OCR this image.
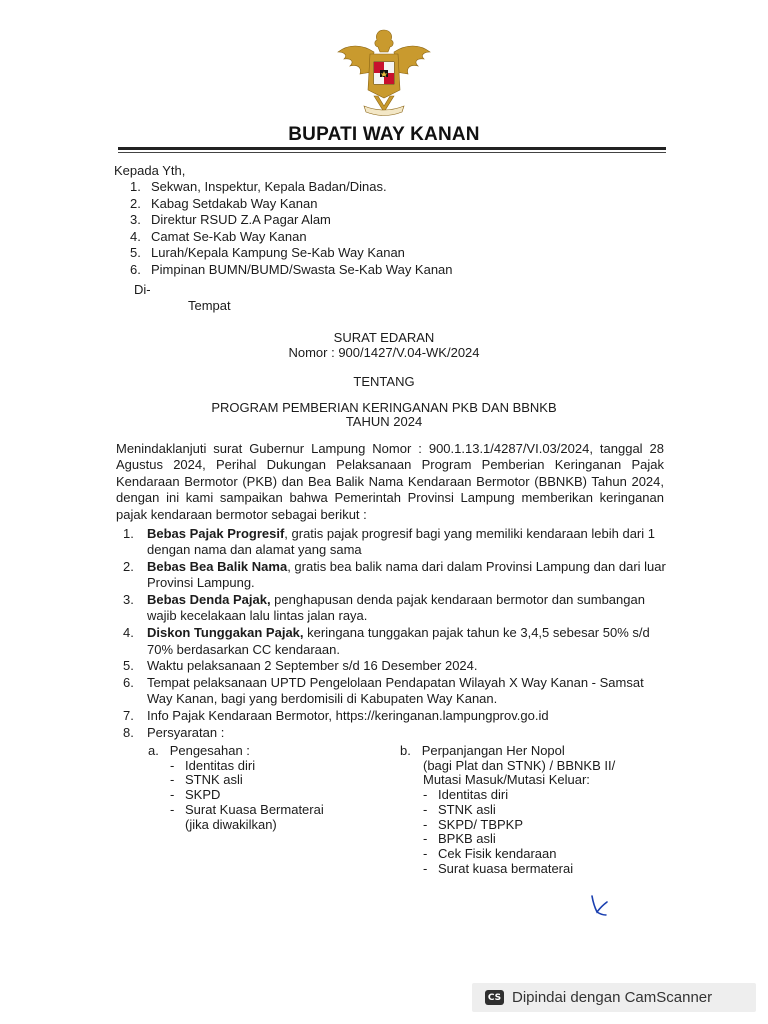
BUPATI WAY KANAN
Kepada Yth,
1. Sekwan, Inspektur, Kepala Badan/Dinas.
2. Kabag Setdakab Way Kanan
3. Direktur RSUD Z.A Pagar Alam
4. Camat Se-Kab Way Kanan
5. Lurah/Kepala Kampung Se-Kab Way Kanan
6. Pimpinan BUMN/BUMD/Swasta Se-Kab Way Kanan
Di-
Tempat
SURAT EDARAN
Nomor : 900/1427/V.04-WK/2024
TENTANG
PROGRAM PEMBERIAN KERINGANAN PKB DAN BBNKB
TAHUN 2024
Menindaklanjuti surat Gubernur Lampung Nomor : 900.1.13.1/4287/VI.03/2024, tanggal 28 Agustus 2024, Perihal Dukungan Pelaksanaan Program Pemberian Keringanan Pajak Kendaraan Bermotor (PKB) dan Bea Balik Nama Kendaraan Bermotor (BBNKB) Tahun 2024, dengan ini kami sampaikan bahwa Pemerintah Provinsi Lampung memberikan keringanan pajak kendaraan bermotor sebagai berikut :
1. Bebas Pajak Progresif, gratis pajak progresif bagi yang memiliki kendaraan lebih dari 1 dengan nama dan alamat yang sama
2. Bebas Bea Balik Nama, gratis bea balik nama dari dalam Provinsi Lampung dan dari luar Provinsi Lampung.
3. Bebas Denda Pajak, penghapusan denda pajak kendaraan bermotor dan sumbangan wajib kecelakaan lalu lintas jalan raya.
4. Diskon Tunggakan Pajak, keringana tunggakan pajak tahun ke 3,4,5 sebesar 50% s/d 70% berdasarkan CC kendaraan.
5. Waktu pelaksanaan 2 September s/d 16 Desember 2024.
6. Tempat pelaksanaan UPTD Pengelolaan Pendapatan Wilayah X Way Kanan - Samsat Way Kanan, bagi yang berdomisili di Kabupaten Way Kanan.
7. Info Pajak Kendaraan Bermotor, https://keringanan.lampungprov.go.id
8. Persyaratan :
a. Pengesahan :
- Identitas diri
- STNK asli
- SKPD
- Surat Kuasa Bermaterai
(jika diwakilkan)
b. Perpanjangan Her Nopol
(bagi Plat dan STNK) / BBNKB II/
Mutasi Masuk/Mutasi Keluar:
- Identitas diri
- STNK asli
- SKPD/ TBPKP
- BPKB asli
- Cek Fisik kendaraan
- Surat kuasa bermaterai
CS Dipindai dengan CamScanner
